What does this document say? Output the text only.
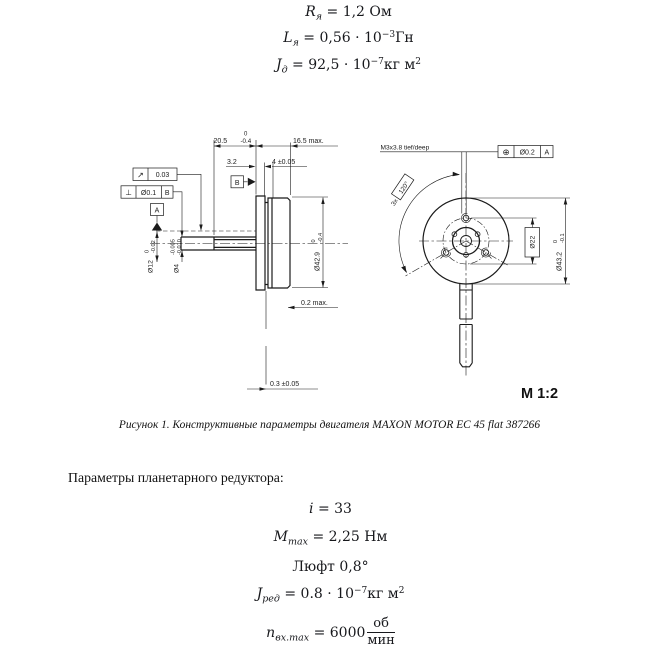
$R_я = 1,2$ Ом
$L_я = 0,56 \cdot 10^{-3}Гн$
$J_д = 92,5 \cdot 10^{-7}кг$ $м^2$
20.5
0
-0.4	16.5 max.
3.2	4 ±0.05
↗ 0.03
⊥ Ø0.1 B
A
B
Ø12
0 -0.02
Ø4
-0.005 -0.010
Ø42.9
0 -0.4
0.2 max.
0.3 ±0.05
M3x3.8 tief/deep	⊕ Ø0.2 A
3x
120°
Ø22
Ø43.2
0 -0.1
M 1:2
Рисунок 1. Конструктивные параметры двигателя MAXON MOTOR EC 45 flat 387266
Параметры планетарного редуктора:
i = 33
$M_{max} = 2,25$ Нм
Люфт 0,8°
$J_{ред} = 0.8 \cdot 10^{-7}кг$ $м^2$
$n_{вх.max} = 6000 \frac{об}{\text{мин}}$
